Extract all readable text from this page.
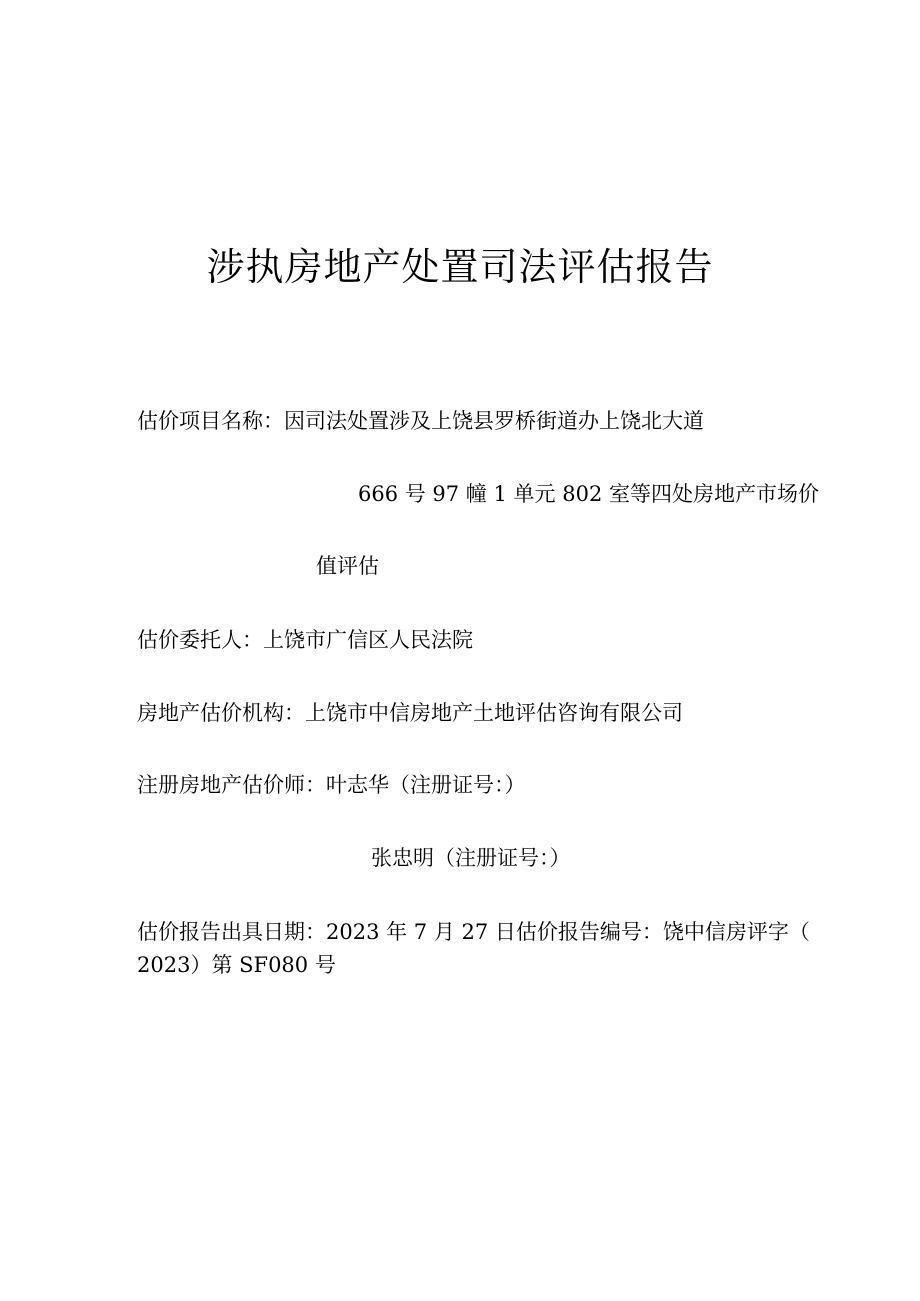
涉执房地产处置司法评估报告
估价项目名称：因司法处置涉及上饶县罗桥街道办上饶北大道
666 号 97 幢 1 单元 802 室等四处房地产市场价
值评估
估价委托人：上饶市广信区人民法院
房地产估价机构：上饶市中信房地产土地评估咨询有限公司
注册房地产估价师：叶志华（注册证号：）
张忠明（注册证号：）
估价报告出具日期：2023 年 7 月 27 日估价报告编号：饶中信房评字（
2023）第 SF080 号
